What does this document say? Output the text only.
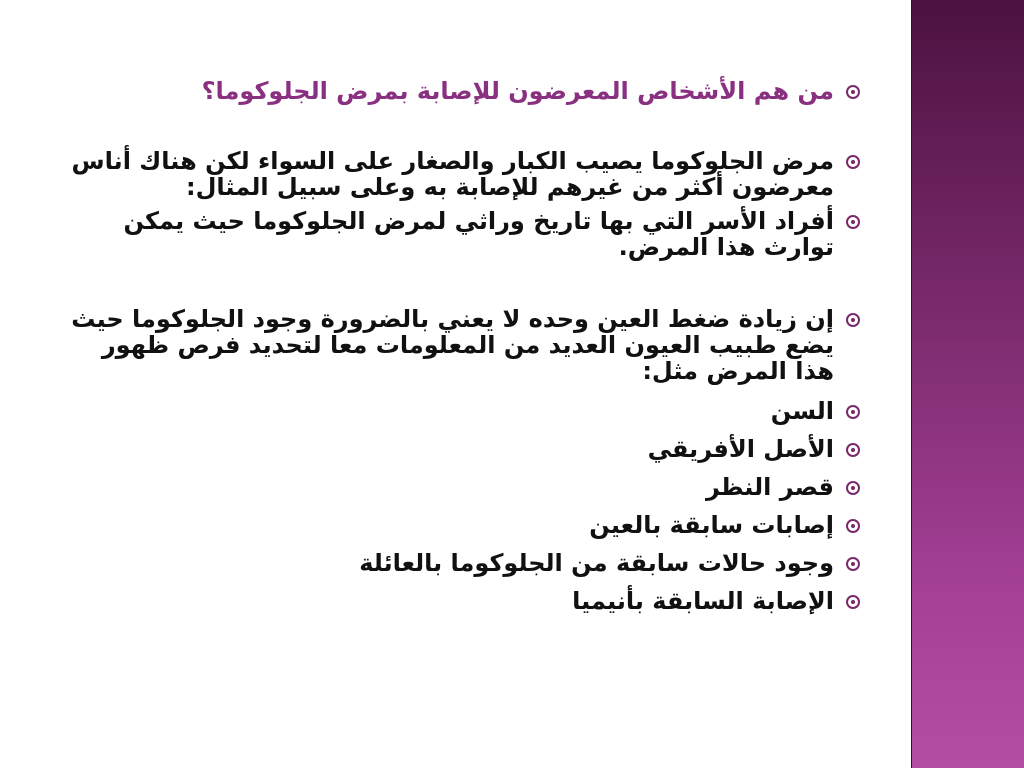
من هم الأشخاص المعرضون للإصابة بمرض الجلوكوما؟
مرض الجلوكوما يصيب الكبار والصغار على السواء لكن هناك أناس معرضون أكثر من غيرهم للإصابة به وعلى سبيل المثال:
أفراد الأسر التي بها تاريخ وراثي لمرض الجلوكوما حيث يمكن توارث هذا المرض.
إن زيادة ضغط العين وحده لا يعني بالضرورة وجود الجلوكوما حيث يضع طبيب العيون العديد من المعلومات معا لتحديد فرص ظهور هذا المرض مثل:
السن
الأصل الأفريقي
قصر النظر
إصابات سابقة بالعين
وجود حالات سابقة من الجلوكوما بالعائلة
الإصابة السابقة بأنيميا
